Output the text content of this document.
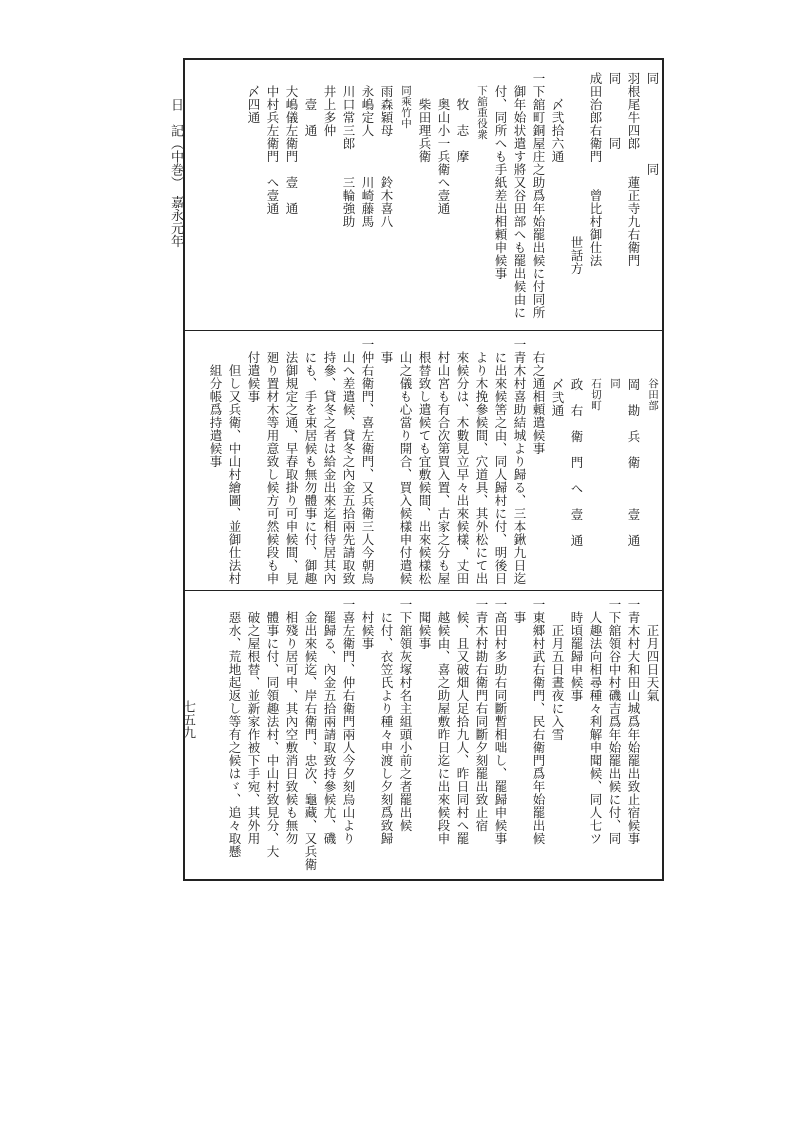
日　記（中巻）　嘉永元年
七五九
同　　　　　　同
羽根尾牛四郎　　蓮正寺九右衛門
同　　　　同
成田治郎右衛門　　曾比村御仕法
　　　　　　　　世話方
〆弐拾六通
一下舘町銅屋庄之助爲年始罷出候に付同所
御年始状遣す將又谷田部へも罷出候由に
付、同所へも手紙差出相頼申候事
下舘重役衆
牧　志　摩
奥山小一兵衛へ壹通
柴田理兵衛
同乘竹中
雨森穎母　　　鈴木喜八
永嶋定人　　　川崎藤馬
川口常三郎　　三輪強助
井上多仲
壹　通
大嶋儀左衛門　壹　通
中村兵左衛門　へ壹通
〆四通
谷田部
岡　勘　兵　衛　　　壹　通
同
石切町
政　右　衛　門　へ　壹　通
〆弐通
右之通相頼遣候事
一青木村喜助結城より歸る、三本鍬九日迄
に出來候筈之由、同人歸村に付、明後日
より木挽參候間、穴道具、其外松にて出
來候分は、木數見立早々出來候樣、丈田
村山宮も有合次第買入置、古家之分も屋
根替致し遣候ても宜敷候間、出來候樣松
山之儀も心當り開合、買入候樣申付遣候
事
一仲右衛門、喜左衛門、又兵衛三人今朝烏
山へ差遣候、貸冬之內金五拾兩先請取致
持參、貸冬之者は給金出來迄相待居其內
にも、手を束居候も無勿體事に付、御趣
法御規定之通、早春取掛り可申候間、見
廻り置材木等用意致し候方可然候段も申
付遣候事
但し又兵衛、中山村繪圖、並御仕法村
組分帳爲持遣候事
正月四日天氣
一青木村大和田山城爲年始罷出致止宿候事
一下舘領谷中村磯吉爲年始罷出候に付、同
人趣法向相尋種々利解申聞候、同人七ツ
時頃罷歸申候事
正月五日晝夜に入雪
一東郷村武右衛門、民右衛門爲年始罷出候
事
一高田村多助右同斷暫相咄し、罷歸申候事
一青木村勘右衛門右同斷夕刻罷出致止宿
候、且又破畑人足拾九人、昨日同村へ罷
越候由、喜之助屋敷昨日迄に出來候段申
聞候事
一下舘領灰塚村名主組頭小前之者罷出候
に付、衣笠氏より種々申渡し夕刻爲致歸
村候事
一喜左衛門、仲右衛門兩人今夕刻烏山より
罷歸る、內金五拾兩請取致持參候尤、磯
金出來候迄、岸右衛門、忠次、龜藏、又兵衛
相殘り居可申、其內空敷消日致候も無勿
體事に付、同領趣法村、中山村致見分、大
破之屋根替、並新家作被下手宛、其外用
惡水、荒地起返し等有之候はゞ、追々取懸
